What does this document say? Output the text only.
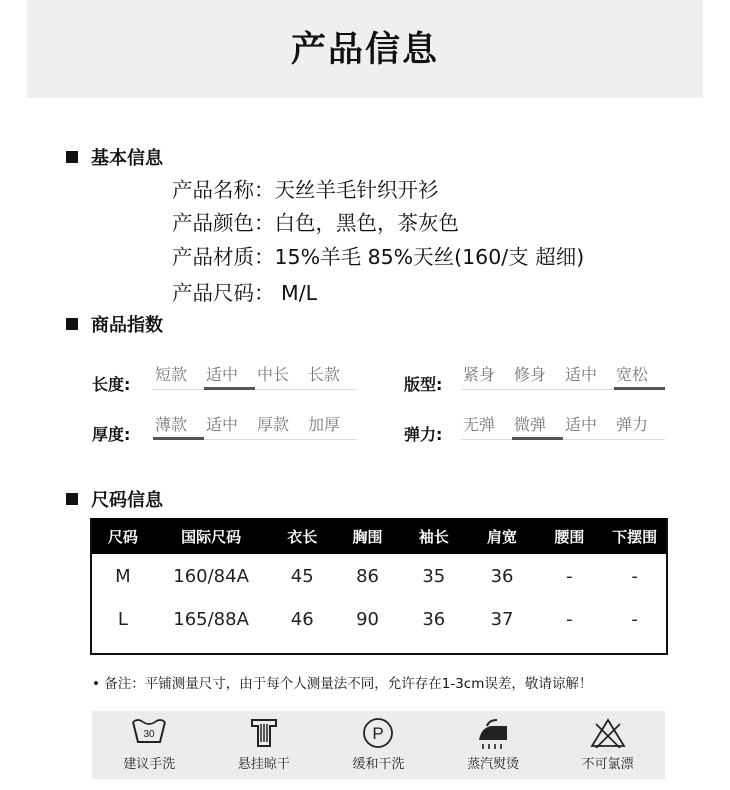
产品信息
基本信息
产品名称：天丝羊毛针织开衫
产品颜色：白色，黑色，茶灰色
产品材质：15%羊毛 85%天丝(160/支 超细)
产品尺码： M/L
商品指数
长度:
短款	适中	中长	长款
版型:
紧身	修身	适中	宽松
厚度:
薄款	适中	厚款	加厚
弹力:
无弹	微弹	适中	弹力
尺码信息
尺码	国际尺码	衣长	胸围	袖长	肩宽	腰围	下摆围
M	160/84A	45	86	35	36	-	-
L	165/88A	46	90	36	37	-	-
• 备注：平铺测量尺寸，由于每个人测量法不同，允许存在1-3cm误差，敬请谅解！
30
建议手洗	悬挂晾干
P
缓和干洗	蒸汽熨烫	不可氯漂
